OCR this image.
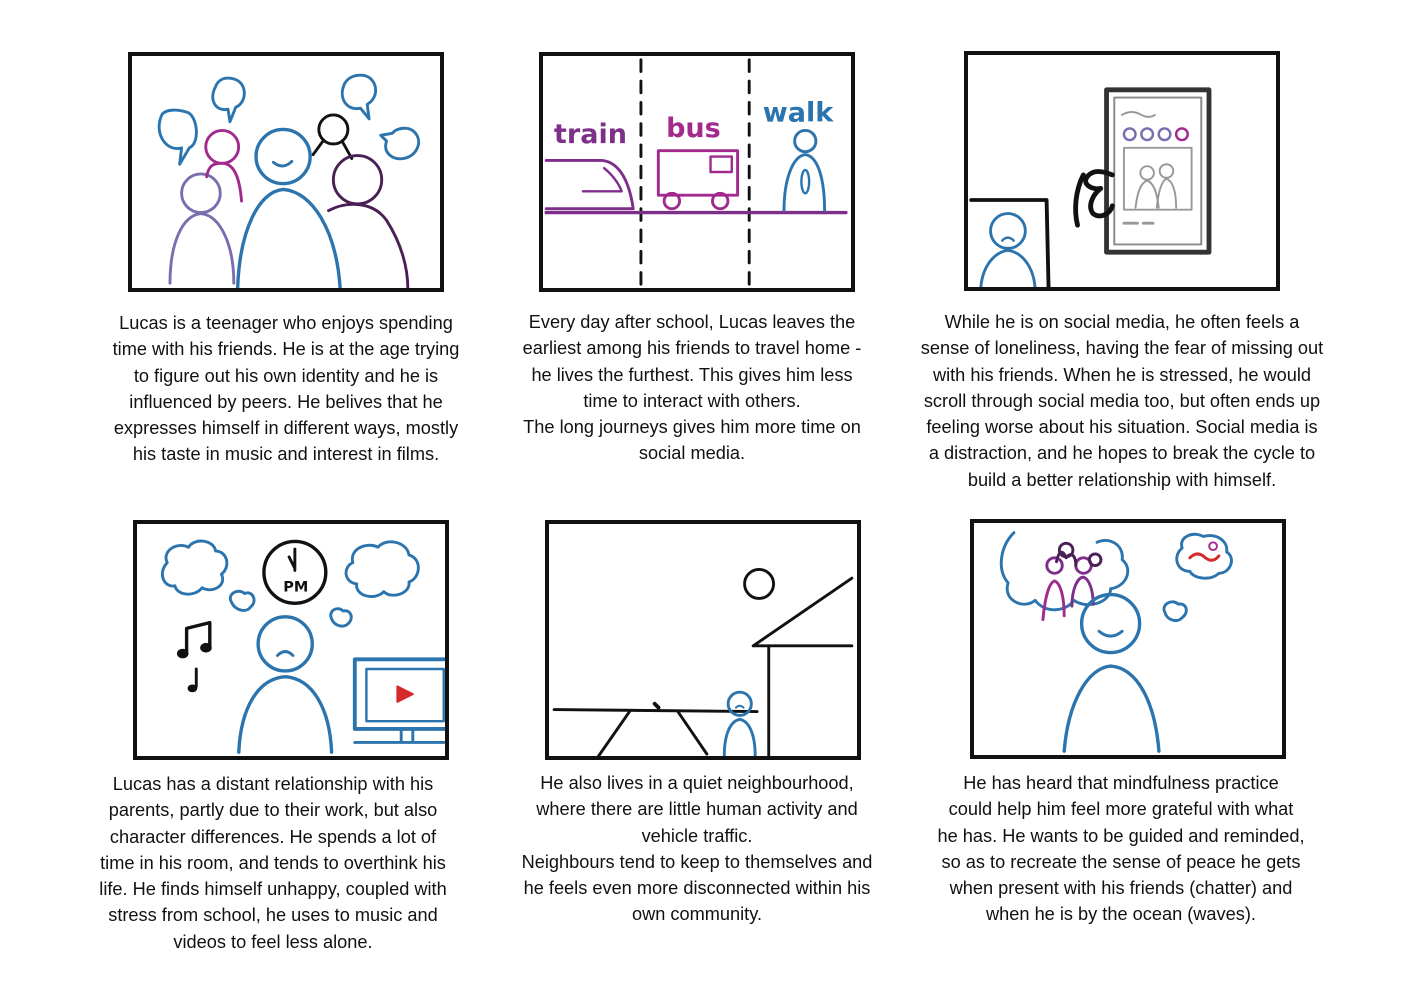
Lucas is a teenager who enjoys spending
time with his friends. He is at the age trying
to figure out his own identity and he is
influenced by peers. He belives that he
expresses himself in different ways, mostly
his taste in music and interest in films.
train bus walk
Every day after school, Lucas leaves the
earliest among his friends to travel home -
he lives the furthest. This gives him less
time to interact with others.
The long journeys gives him more time on
social media.
While he is on social media, he often feels a
sense of loneliness, having the fear of missing out
with his friends. When he is stressed, he would
scroll through social media too, but often ends up
feeling worse about his situation. Social media is
a distraction, and he hopes to break the cycle to
build a better relationship with himself.
PM
Lucas has a distant relationship with his
parents, partly due to their work, but also
character differences. He spends a lot of
time in his room, and tends to overthink his
life. He finds himself unhappy, coupled with
stress from school, he uses to music and
videos to feel less alone.
He also lives in a quiet neighbourhood,
where there are little human activity and
vehicle traffic.
Neighbours tend to keep to themselves and
he feels even more disconnected within his
own community.
He has heard that mindfulness practice
could help him feel more grateful with what
he has. He wants to be guided and reminded,
so as to recreate the sense of peace he gets
when present with his friends (chatter) and
when he is by the ocean (waves).
